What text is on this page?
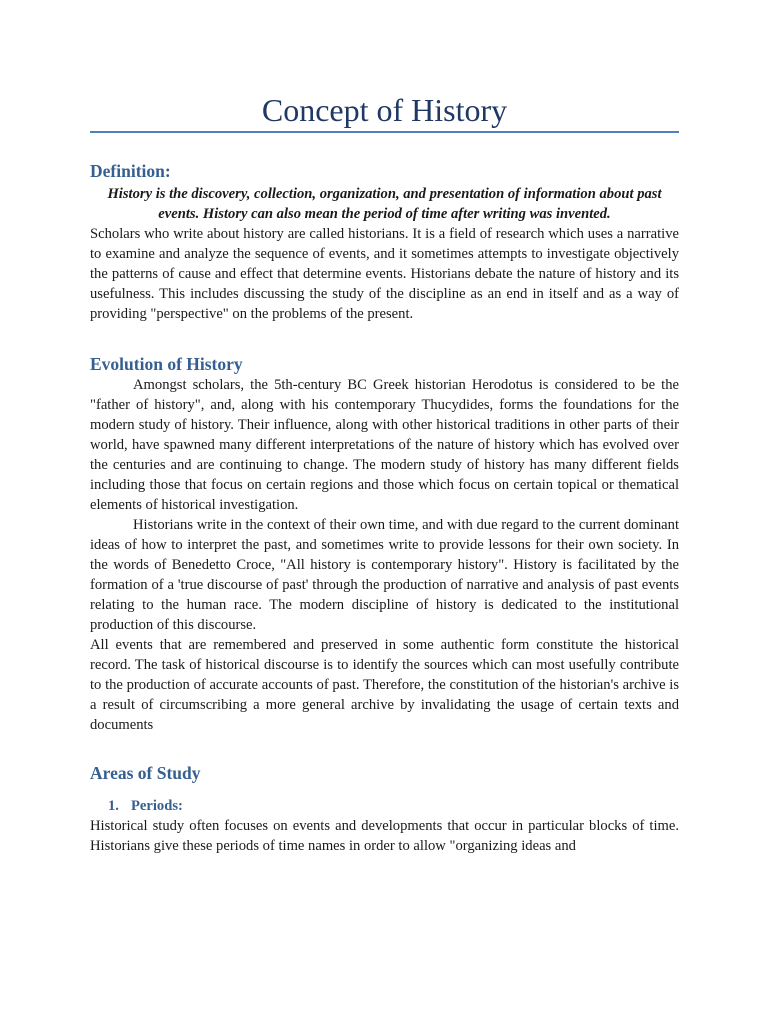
Concept of History
Definition:
History is the discovery, collection, organization, and presentation of information about past events. History can also mean the period of time after writing was invented.

Scholars who write about history are called historians. It is a field of research which uses a narrative to examine and analyze the sequence of events, and it sometimes attempts to investigate objectively the patterns of cause and effect that determine events. Historians debate the nature of history and its usefulness. This includes discussing the study of the discipline as an end in itself and as a way of providing "perspective" on the problems of the present.

Evolution of History

Amongst scholars, the 5th-century BC Greek historian Herodotus is considered to be the "father of history", and, along with his contemporary Thucydides, forms the foundations for the modern study of history. Their influence, along with other historical traditions in other parts of their world, have spawned many different interpretations of the nature of history which has evolved over the centuries and are continuing to change. The modern study of history has many different fields including those that focus on certain regions and those which focus on certain topical or thematical elements of historical investigation.

Historians write in the context of their own time, and with due regard to the current dominant ideas of how to interpret the past, and sometimes write to provide lessons for their own society. In the words of Benedetto Croce, "All history is contemporary history". History is facilitated by the formation of a 'true discourse of past' through the production of narrative and analysis of past events relating to the human race. The modern discipline of history is dedicated to the institutional production of this discourse.

All events that are remembered and preserved in some authentic form constitute the historical record. The task of historical discourse is to identify the sources which can most usefully contribute to the production of accurate accounts of past. Therefore, the constitution of the historian's archive is a result of circumscribing a more general archive by invalidating the usage of certain texts and documents

Areas of Study
1. Periods:

Historical study often focuses on events and developments that occur in particular blocks of time. Historians give these periods of time names in order to allow "organizing ideas and
